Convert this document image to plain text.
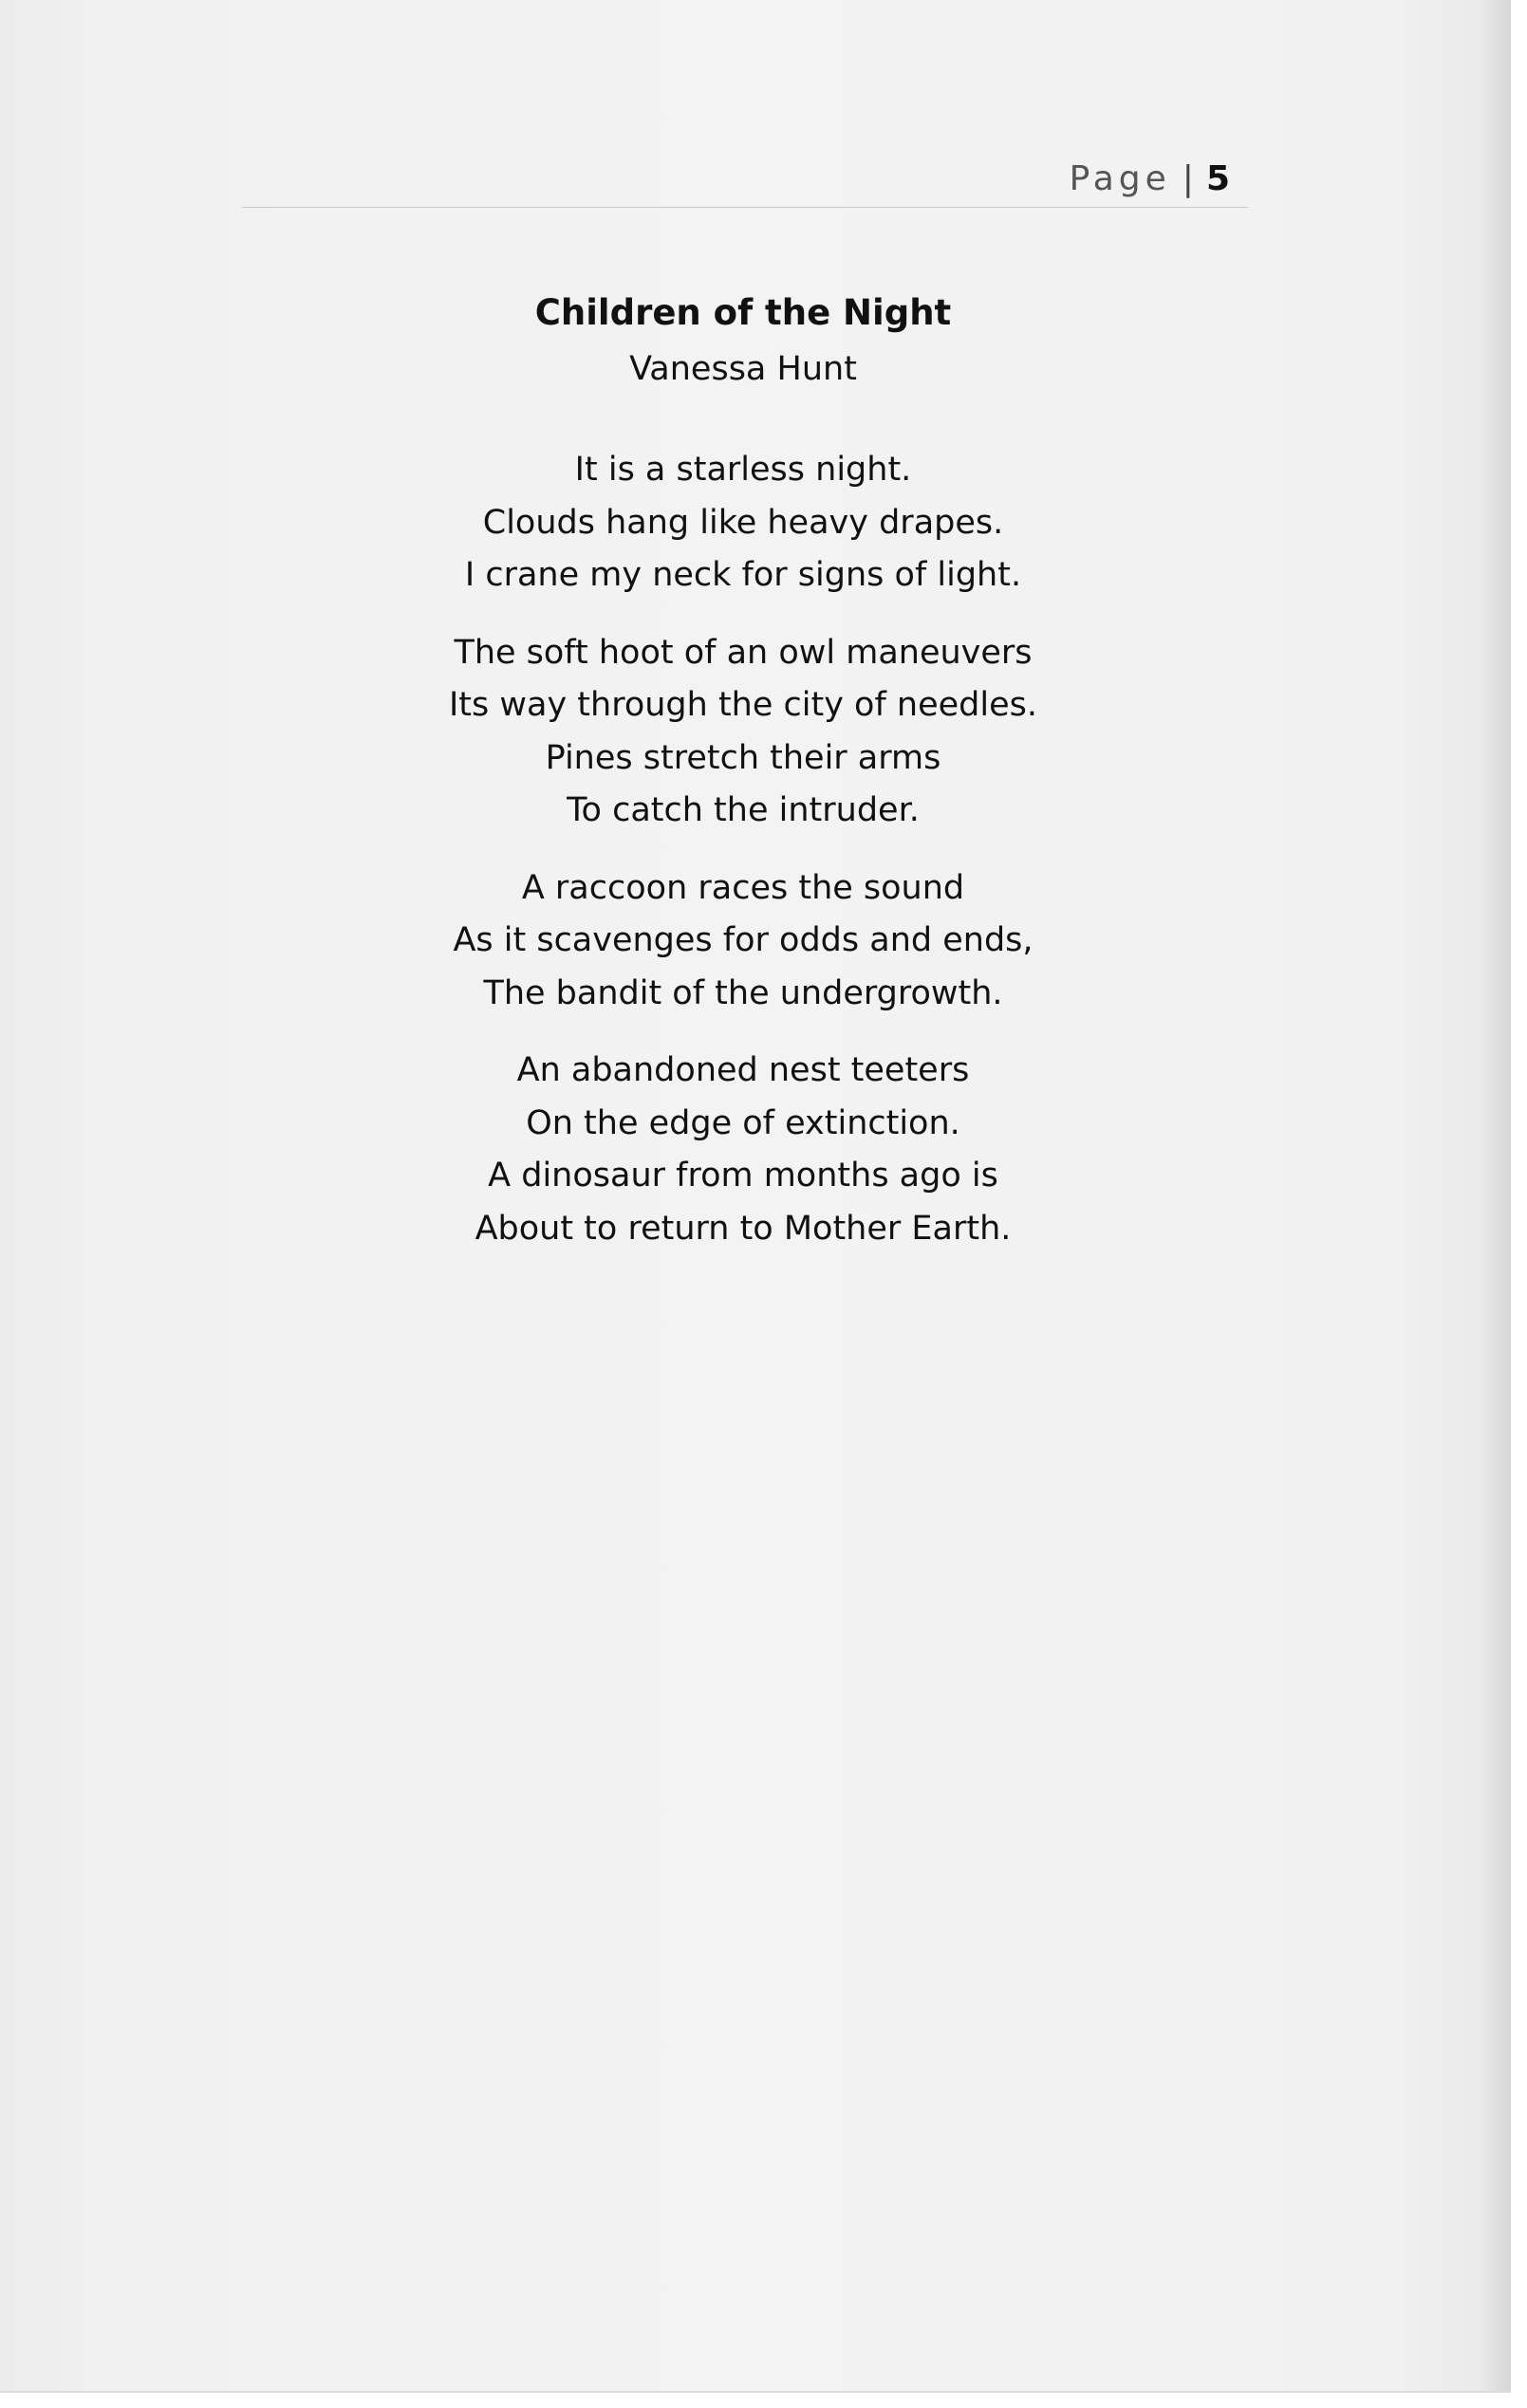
Page | 5

Children of the Night

Vanessa Hunt

It is a starless night.

Clouds hang like heavy drapes.

I crane my neck for signs of light.

The soft hoot of an owl maneuvers

Its way through the city of needles.

Pines stretch their arms

To catch the intruder.

A raccoon races the sound

As it scavenges for odds and ends,

The bandit of the undergrowth.

An abandoned nest teeters

On the edge of extinction.

A dinosaur from months ago is

About to return to Mother Earth.
